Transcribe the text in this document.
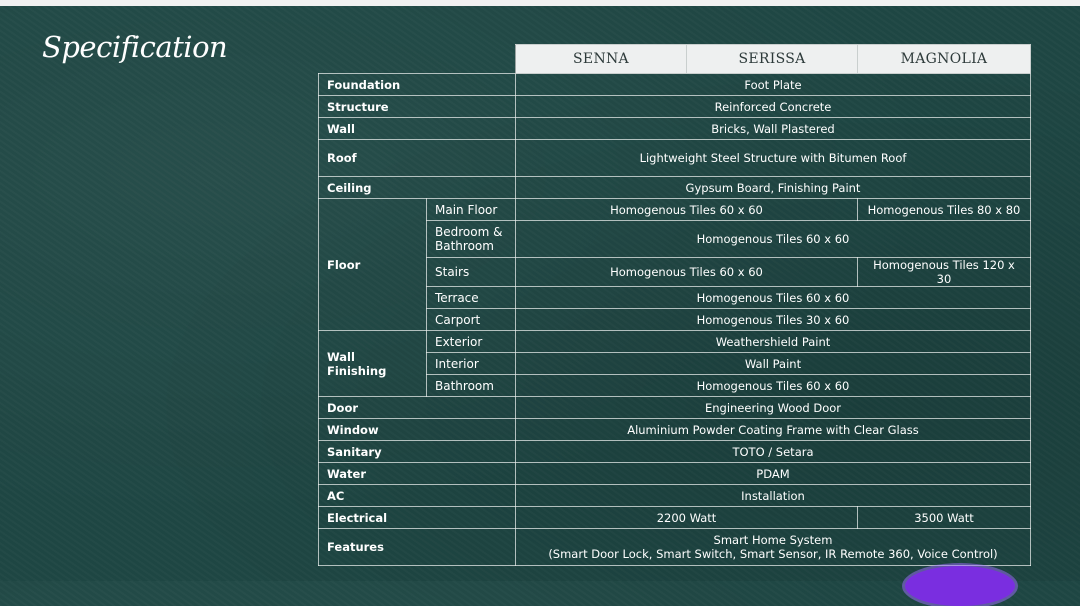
Specification
		SENNA	SERISSA	MAGNOLIA
Foundation		Foot Plate		
Structure		Reinforced Concrete		
Wall		Bricks, Wall Plastered		
Roof		Lightweight Steel Structure with Bitumen Roof		
Ceiling		Gypsum Board, Finishing Paint		
Floor	Main Floor	Homogenous Tiles 60 x 60		Homogenous Tiles 80 x 80
	Bedroom & Bathroom	Homogenous Tiles 60 x 60		
	Stairs	Homogenous Tiles 60 x 60		Homogenous Tiles 120 x 30
	Terrace	Homogenous Tiles 60 x 60		
	Carport	Homogenous Tiles 30 x 60		
Wall Finishing	Exterior	Weathershield Paint		
	Interior	Wall Paint		
	Bathroom	Homogenous Tiles 60 x 60		
Door		Engineering Wood Door		
Window		Aluminium Powder Coating Frame with Clear Glass		
Sanitary		TOTO / Setara		
Water		PDAM		
AC		Installation		
Electrical		2200 Watt		3500 Watt
Features		Smart Home System
(Smart Door Lock, Smart Switch, Smart Sensor, IR Remote 360, Voice Control)		
